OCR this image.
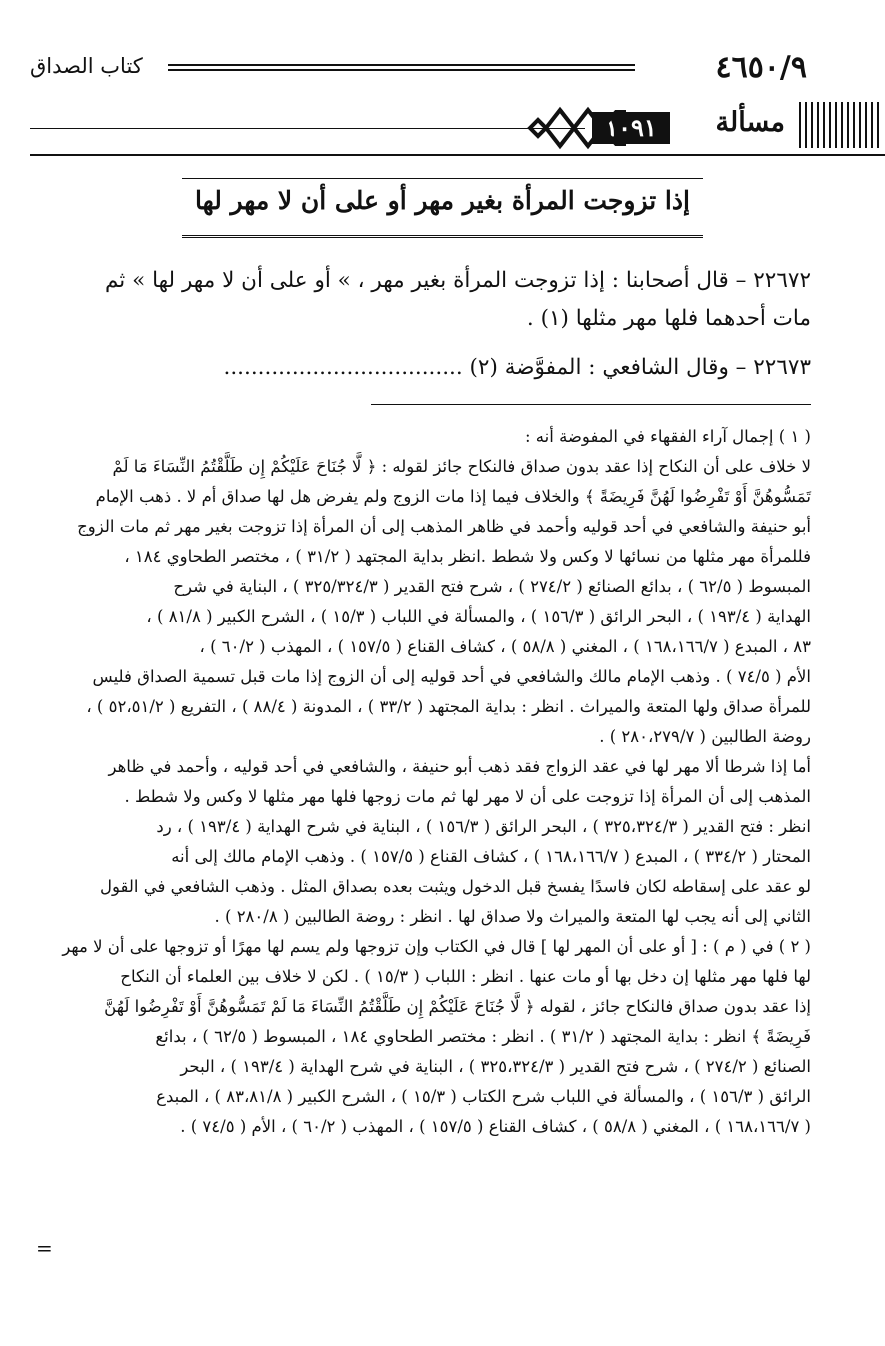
٤٦٥٠/٩
كتاب الصداق
مسألة
١٠٩١
إذا تزوجت المرأة بغير مهر أو على أن لا مهر لها
٢٢٦٧٢ – قال أصحابنا : إذا تزوجت المرأة بغير مهر ، » أو على أن لا مهر لها » ثم
مات أحدهما فلها مهر مثلها (١) .
٢٢٦٧٣ – وقال الشافعي : المفوَّضة (٢) ...................................
( ١ ) إجمال آراء الفقهاء في المفوضة أنه :
لا خلاف على أن النكاح إذا عقد بدون صداق فالنكاح جائز لقوله : ﴿ لَّا جُنَاحَ عَلَيْكُمْ إِن طَلَّقْتُمُ النِّسَاءَ مَا لَمْ
تَمَسُّوهُنَّ أَوْ تَفْرِضُوا لَهُنَّ فَرِيضَةً ﴾ والخلاف فيما إذا مات الزوج ولم يفرض هل لها صداق أم لا . ذهب الإمام
أبو حنيفة والشافعي في أحد قوليه وأحمد في ظاهر المذهب إلى أن المرأة إذا تزوجت بغير مهر ثم مات الزوج
فللمرأة مهر مثلها من نسائها لا وكس ولا شطط .انظر بداية المجتهد ( ٣١/٢ ) ، مختصر الطحاوي ١٨٤ ،
المبسوط ( ٦٢/٥ ) ، بدائع الصنائع ( ٢٧٤/٢ ) ، شرح فتح القدير ( ٣٢٥/٣٢٤/٣ ) ، البناية في شرح
الهداية ( ١٩٣/٤ ) ، البحر الرائق ( ١٥٦/٣ ) ، والمسألة في اللباب ( ١٥/٣ ) ، الشرح الكبير ( ٨١/٨ ) ،
٨٣ ، المبدع ( ١٦٨،١٦٦/٧ ) ، المغني ( ٥٨/٨ ) ، كشاف القناع ( ١٥٧/٥ ) ، المهذب ( ٦٠/٢ ) ،
الأم ( ٧٤/٥ ) . وذهب الإمام مالك والشافعي في أحد قوليه إلى أن الزوج إذا مات قبل تسمية الصداق فليس
للمرأة صداق ولها المتعة والميراث . انظر : بداية المجتهد ( ٣٣/٢ ) ، المدونة ( ٨٨/٤ ) ، التفريع ( ٥٢،٥١/٢ ) ،
روضة الطالبين ( ٢٨٠،٢٧٩/٧ ) .
أما إذا شرطا ألا مهر لها في عقد الزواج فقد ذهب أبو حنيفة ، والشافعي في أحد قوليه ، وأحمد في ظاهر
المذهب إلى أن المرأة إذا تزوجت على أن لا مهر لها ثم مات زوجها فلها مهر مثلها لا وكس ولا شطط .
انظر : فتح القدير ( ٣٢٥،٣٢٤/٣ ) ، البحر الرائق ( ١٥٦/٣ ) ، البناية في شرح الهداية ( ١٩٣/٤ ) ، رد
المحتار ( ٣٣٤/٢ ) ، المبدع ( ١٦٨،١٦٦/٧ ) ، كشاف القناع ( ١٥٧/٥ ) . وذهب الإمام مالك إلى أنه
لو عقد على إسقاطه لكان فاسدًا يفسخ قبل الدخول ويثبت بعده بصداق المثل . وذهب الشافعي في القول
الثاني إلى أنه يجب لها المتعة والميراث ولا صداق لها . انظر : روضة الطالبين ( ٢٨٠/٨ ) .
( ٢ ) في ( م ) : [ أو على أن المهر لها ] قال في الكتاب وإن تزوجها ولم يسم لها مهرًا أو تزوجها على أن لا مهر
لها فلها مهر مثلها إن دخل بها أو مات عنها . انظر : اللباب ( ١٥/٣ ) . لكن لا خلاف بين العلماء أن النكاح
إذا عقد بدون صداق فالنكاح جائز ، لقوله ﴿ لَّا جُنَاحَ عَلَيْكُمْ إِن طَلَّقْتُمُ النِّسَاءَ مَا لَمْ تَمَسُّوهُنَّ أَوْ تَفْرِضُوا لَهُنَّ
فَرِيضَةً ﴾ انظر : بداية المجتهد ( ٣١/٢ ) . انظر : مختصر الطحاوي ١٨٤ ، المبسوط ( ٦٢/٥ ) ، بدائع
الصنائع ( ٢٧٤/٢ ) ، شرح فتح القدير ( ٣٢٥،٣٢٤/٣ ) ، البناية في شرح الهداية ( ١٩٣/٤ ) ، البحر
الرائق ( ١٥٦/٣ ) ، والمسألة في اللباب شرح الكتاب ( ١٥/٣ ) ، الشرح الكبير ( ٨٣،٨١/٨ ) ، المبدع
( ١٦٨،١٦٦/٧ ) ، المغني ( ٥٨/٨ ) ، كشاف القناع ( ١٥٧/٥ ) ، المهذب ( ٦٠/٢ ) ، الأم ( ٧٤/٥ ) .
=
